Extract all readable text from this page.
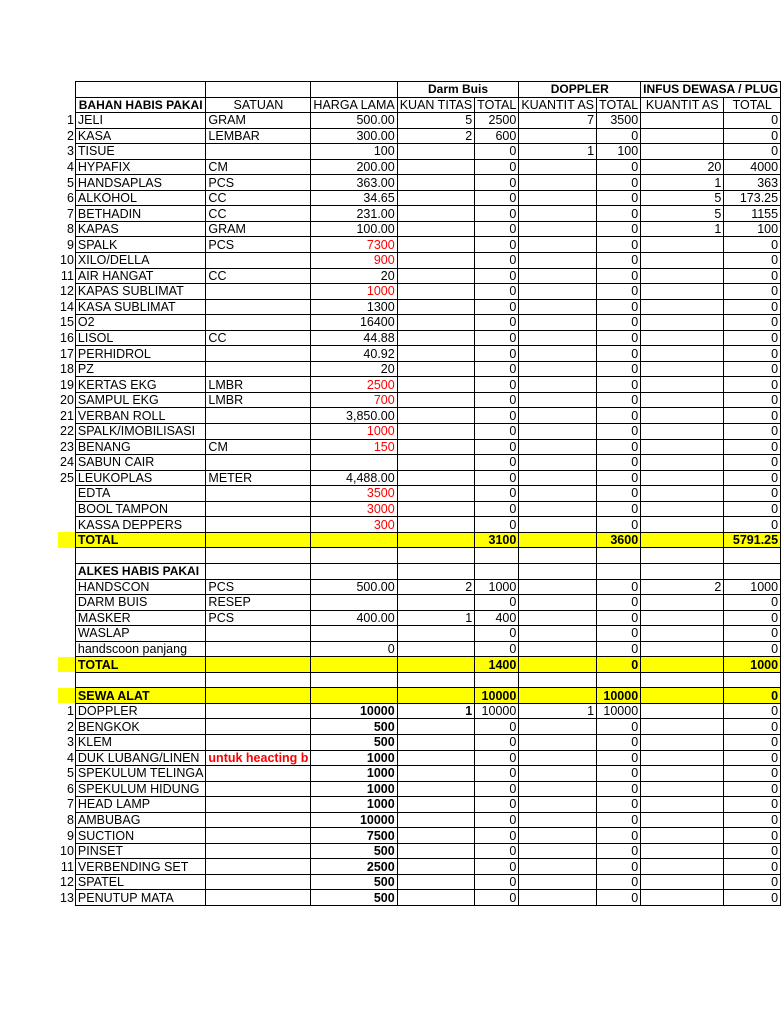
				Darm Buis		DOPPLER		INFUS DEWASA / PLUG	
	BAHAN HABIS PAKAI	SATUAN	HARGA LAMA	KUAN TITAS	TOTAL	KUANTIT AS	TOTAL	KUANTIT AS	TOTAL
1	JELI	GRAM	500.00	5	2500	7	3500		0
2	KASA	LEMBAR	300.00	2	600		0		0
3	TISUE		100		0	1	100		0
4	HYPAFIX	CM	200.00		0		0	20	4000
5	HANDSAPLAS	PCS	363.00		0		0	1	363
6	ALKOHOL	CC	34.65		0		0	5	173.25
7	BETHADIN	CC	231.00		0		0	5	1155
8	KAPAS	GRAM	100.00		0		0	1	100
9	SPALK	PCS	7300		0		0		0
10	XILO/DELLA		900		0		0		0
11	AIR HANGAT	CC	20		0		0		0
12	KAPAS SUBLIMAT		1000		0		0		0
14	KASA SUBLIMAT		1300		0		0		0
15	O2		16400		0		0		0
16	LISOL	CC	44.88		0		0		0
17	PERHIDROL		40.92		0		0		0
18	PZ		20		0		0		0
19	KERTAS EKG	LMBR	2500		0		0		0
20	SAMPUL EKG	LMBR	700		0		0		0
21	VERBAN ROLL		3,850.00		0		0		0
22	SPALK/IMOBILISASI		1000		0		0		0
23	BENANG	CM	150		0		0		0
24	SABUN CAIR				0		0		0
25	LEUKOPLAS	METER	4,488.00		0		0		0
	EDTA		3500		0		0		0
	BOOL TAMPON		3000		0		0		0
	KASSA DEPPERS		300		0		0		0
	TOTAL				3100		3600		5791.25

	ALKES HABIS PAKAI								
	HANDSCON	PCS	500.00	2	1000		0	2	1000
	DARM BUIS	RESEP			0		0		0
	MASKER	PCS	400.00	1	400		0		0
	WASLAP				0		0		0
	handscoon panjang		0		0		0		0
	TOTAL				1400		0		1000

	SEWA ALAT				10000		10000		0
1	DOPPLER		10000	1	10000	1	10000		0
2	BENGKOK		500		0		0		0
3	KLEM		500		0		0		0
4	DUK LUBANG/LINEN	untuk heacting b	1000		0		0		0
5	SPEKULUM TELINGA		1000		0		0		0
6	SPEKULUM HIDUNG		1000		0		0		0
7	HEAD LAMP		1000		0		0		0
8	AMBUBAG		10000		0		0		0
9	SUCTION		7500		0		0		0
10	PINSET		500		0		0		0
11	VERBENDING SET		2500		0		0		0
12	SPATEL		500		0		0		0
13	PENUTUP MATA		500		0		0		0
